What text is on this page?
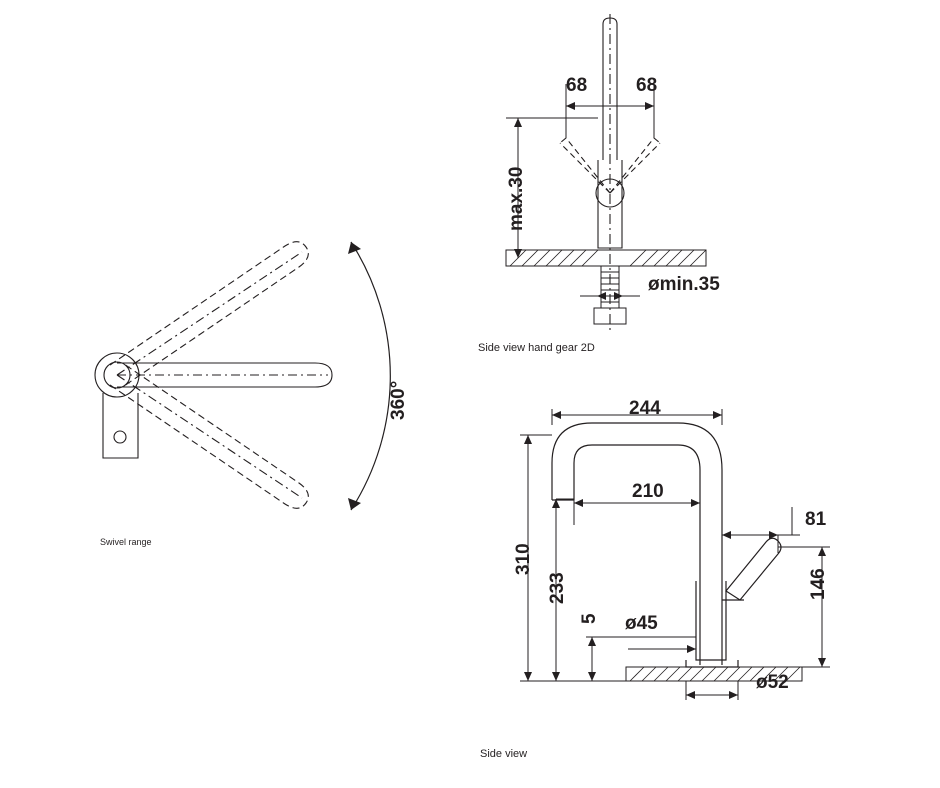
360°
Swivel range
68	68
max.30
ømin.35
Side view hand gear 2D
244
210
310
233
81
146
5 ø45
ø52
Side view
